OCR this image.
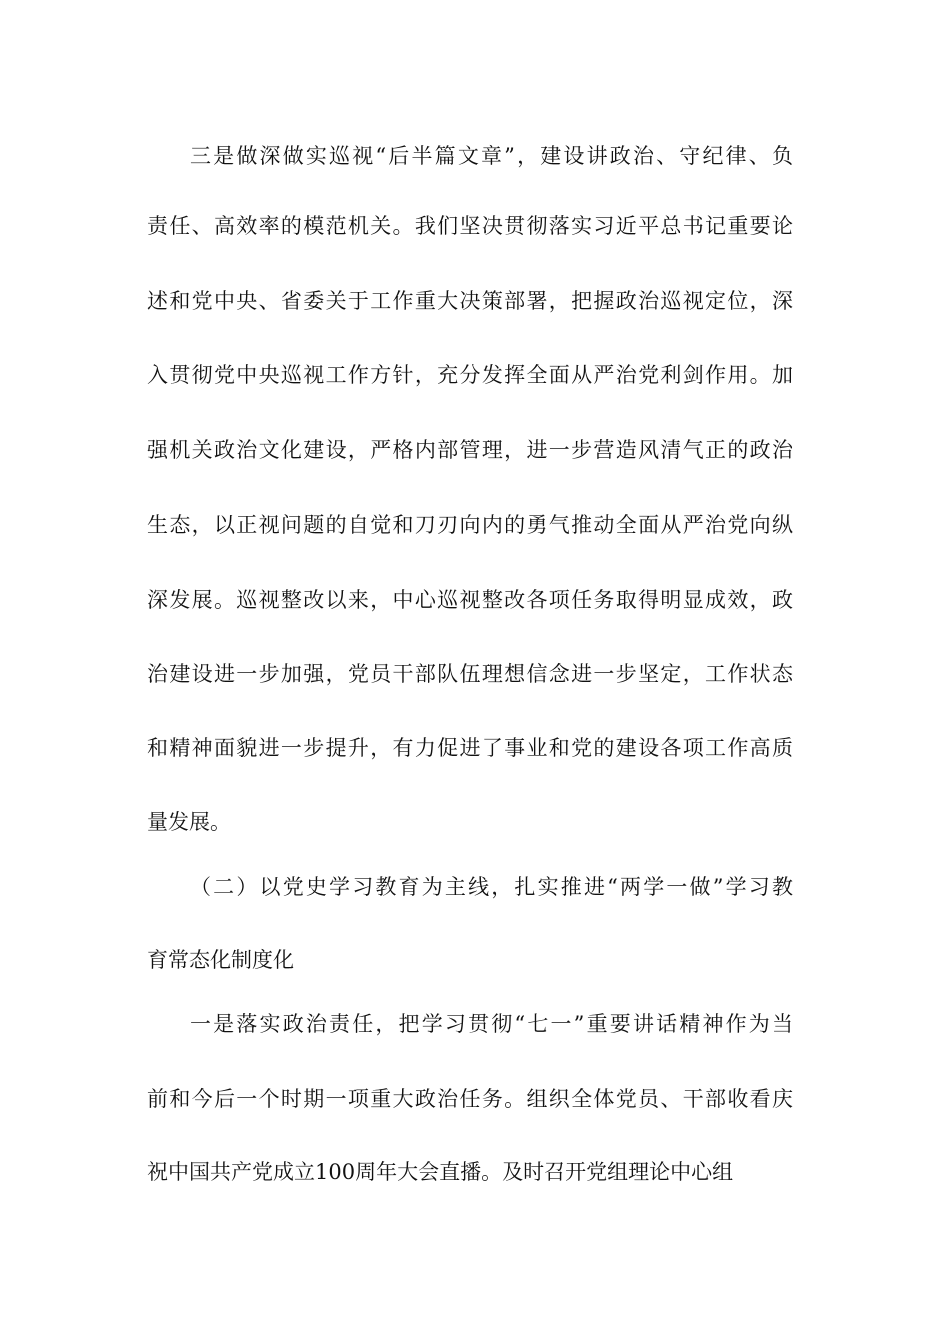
三是做深做实巡视“后半篇文章”，建设讲政治、守纪律、负
责任、高效率的模范机关。我们坚决贯彻落实习近平总书记重要论
述和党中央、省委关于工作重大决策部署，把握政治巡视定位，深
入贯彻党中央巡视工作方针，充分发挥全面从严治党利剑作用。加
强机关政治文化建设，严格内部管理，进一步营造风清气正的政治
生态，以正视问题的自觉和刀刃向内的勇气推动全面从严治党向纵
深发展。巡视整改以来，中心巡视整改各项任务取得明显成效，政
治建设进一步加强，党员干部队伍理想信念进一步坚定，工作状态
和精神面貌进一步提升，有力促进了事业和党的建设各项工作高质
量发展。
（二）以党史学习教育为主线，扎实推进“两学一做”学习教
育常态化制度化
一是落实政治责任，把学习贯彻“七一”重要讲话精神作为当
前和今后一个时期一项重大政治任务。组织全体党员、干部收看庆
祝中国共产党成立100周年大会直播。及时召开党组理论中心组
